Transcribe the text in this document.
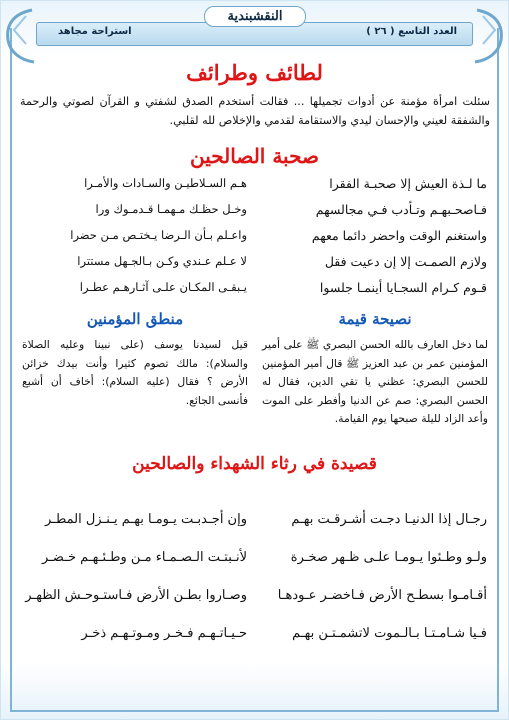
النقشبندية
العدد التاسع ( ٢٦ )
استراحة مجاهد
لطائف وطرائف
سئلت امرأة مؤمنة عن أدوات تجميلها ... فقالت أستخدم الصدق لشفتي و القرآن لصوتي والرحمة والشفقة لعيني والإحسان ليدي والاستقامة لقدمي والإخلاص لله لقلبي.
صحبة الصالحين
ما لـذة العيش إلا صحبـة الفقرا
فـاصحـبهـم وتـأدب فـي مجالسهم
واستغنم الوقت واحضر دائما معهم
ولازم الصمـت إلا إن دعيت فقل
قـوم كـرام السجـايا أينمـا جلسوا
هـم السـلاطيـن والسـادات والأمـرا
وخـل حظـك مـهمـا قـدمـوك ورا
واعـلم بـأن الـرضا يـختـص مـن حضرا
لا عـلم عـندي وكـن بـالجـهل مستترا
يـبقـى المكـان علـى آثـارهـم عطـرا
نصيحة قيمة
لما دخل العارف بالله الحسن البصري ﷺ على أمير المؤمنين عمر بن عبد العزيز ﷺ قال أمير المؤمنين للحسن البصري: عظني يا تقي الدين، فقال له الحسن البصري: صم عن الدنيا وأفطر على الموت وأعد الزاد لليلة صبحها يوم القيامة.
منطق المؤمنين
قيل لسيدنا يوسف (على نبينا وعليه الصلاة والسلام): مالك تصوم كثيرا وأنت بيدك خزائن الأرض ؟ فقال (عليه السلام): أخاف أن أشبع فأنسى الجائع.
قصيدة في رثاء الشهداء والصالحين
رجـال إذا الدنيـا دجـت أشـرقـت بهـم
ولـو وطـئوا يـومـا علـى ظـهر صخـرة
أقـامـوا بسطـح الأرض فـاخضـر عـودهـا
فـيا شـامـتـا بـالـموت لاتشمـتـن بهـم
وإن أجـدبـت يـومـا بهـم يـنـزل المطـر
لأنـبتـت الـصـمـاء مـن وطـئـهـم خـضـر
وصـاروا بطـن الأرض فـاستـوحـش الظهـر
حـيـاتـهـم فـخـر ومـوتـهـم ذخـر
